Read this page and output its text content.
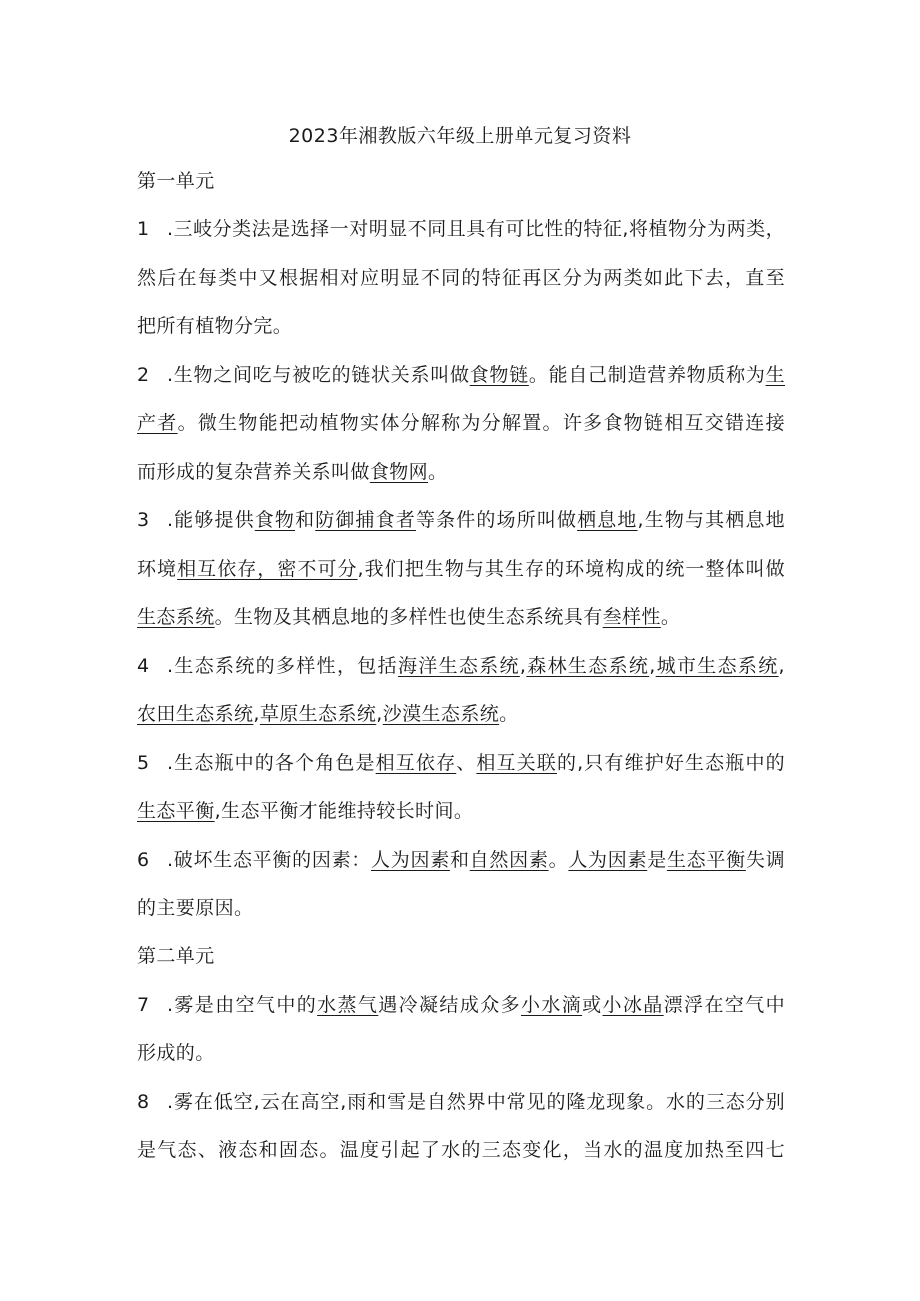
2023年湘教版六年级上册单元复习资料
第一单元
1 .三岐分类法是选择一对明显不同且具有可比性的特征,将植物分为两类，
然后在每类中又根据相对应明显不同的特征再区分为两类如此下去，直至
把所有植物分完。
2 .生物之间吃与被吃的链状关系叫做食物链。能自己制造营养物质称为生
产者。微生物能把动植物实体分解称为分解置。许多食物链相互交错连接
而形成的复杂营养关系叫做食物网。
3 .能够提供食物和防御捕食者等条件的场所叫做栖息地,生物与其栖息地
环境相互依存，密不可分,我们把生物与其生存的环境构成的统一整体叫做
生态系统。生物及其栖息地的多样性也使生态系统具有叁样性。
4 .生态系统的多样性，包括海洋生态系统,森林生态系统,城市生态系统,
农田生态系统,草原生态系统,沙漠生态系统。
5 .生态瓶中的各个角色是相互依存、相互关联的,只有维护好生态瓶中的
生态平衡,生态平衡才能维持较长时间。
6 .破坏生态平衡的因素：人为因素和自然因素。人为因素是生态平衡失调
的主要原因。
第二单元
7 .雾是由空气中的水蒸气遇冷凝结成众多小水滴或小冰晶漂浮在空气中
形成的。
8 .雾在低空,云在高空,雨和雪是自然界中常见的隆龙现象。水的三态分别
是气态、液态和固态。温度引起了水的三态变化，当水的温度加热至四七
